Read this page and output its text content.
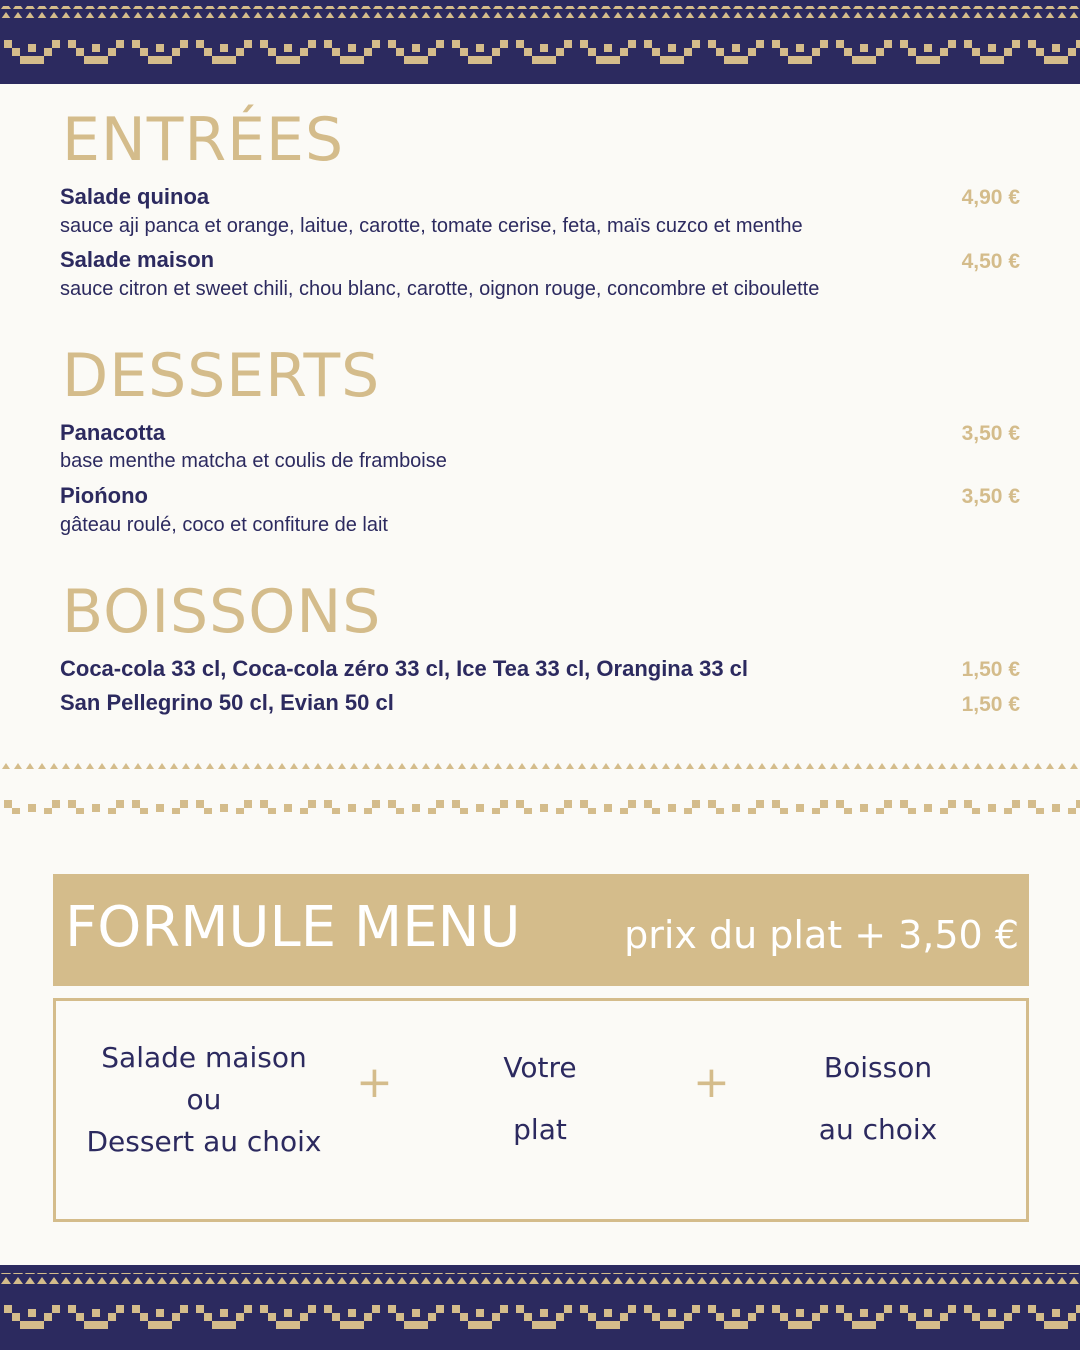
ENTRÉES
Salade quinoa	4,90 €
sauce aji panca et orange, laitue, carotte, tomate cerise, feta, maïs cuzco et menthe
Salade maison	4,50 €
sauce citron et sweet chili, chou blanc, carotte, oignon rouge, concombre et ciboulette
DESSERTS
Panacotta	3,50 €
base menthe matcha et coulis de framboise
Piońono	3,50 €
gâteau roulé, coco et confiture de lait
BOISSONS
Coca-cola 33 cl, Coca-cola zéro 33 cl, Ice Tea 33 cl, Orangina 33 cl	1,50 €
San Pellegrino 50 cl, Evian 50 cl	1,50 €
FORMULE MENU	prix du plat + 3,50 €
Salade maison
ou
Dessert au choix
+	Votre
plat
+	Boisson
au choix
